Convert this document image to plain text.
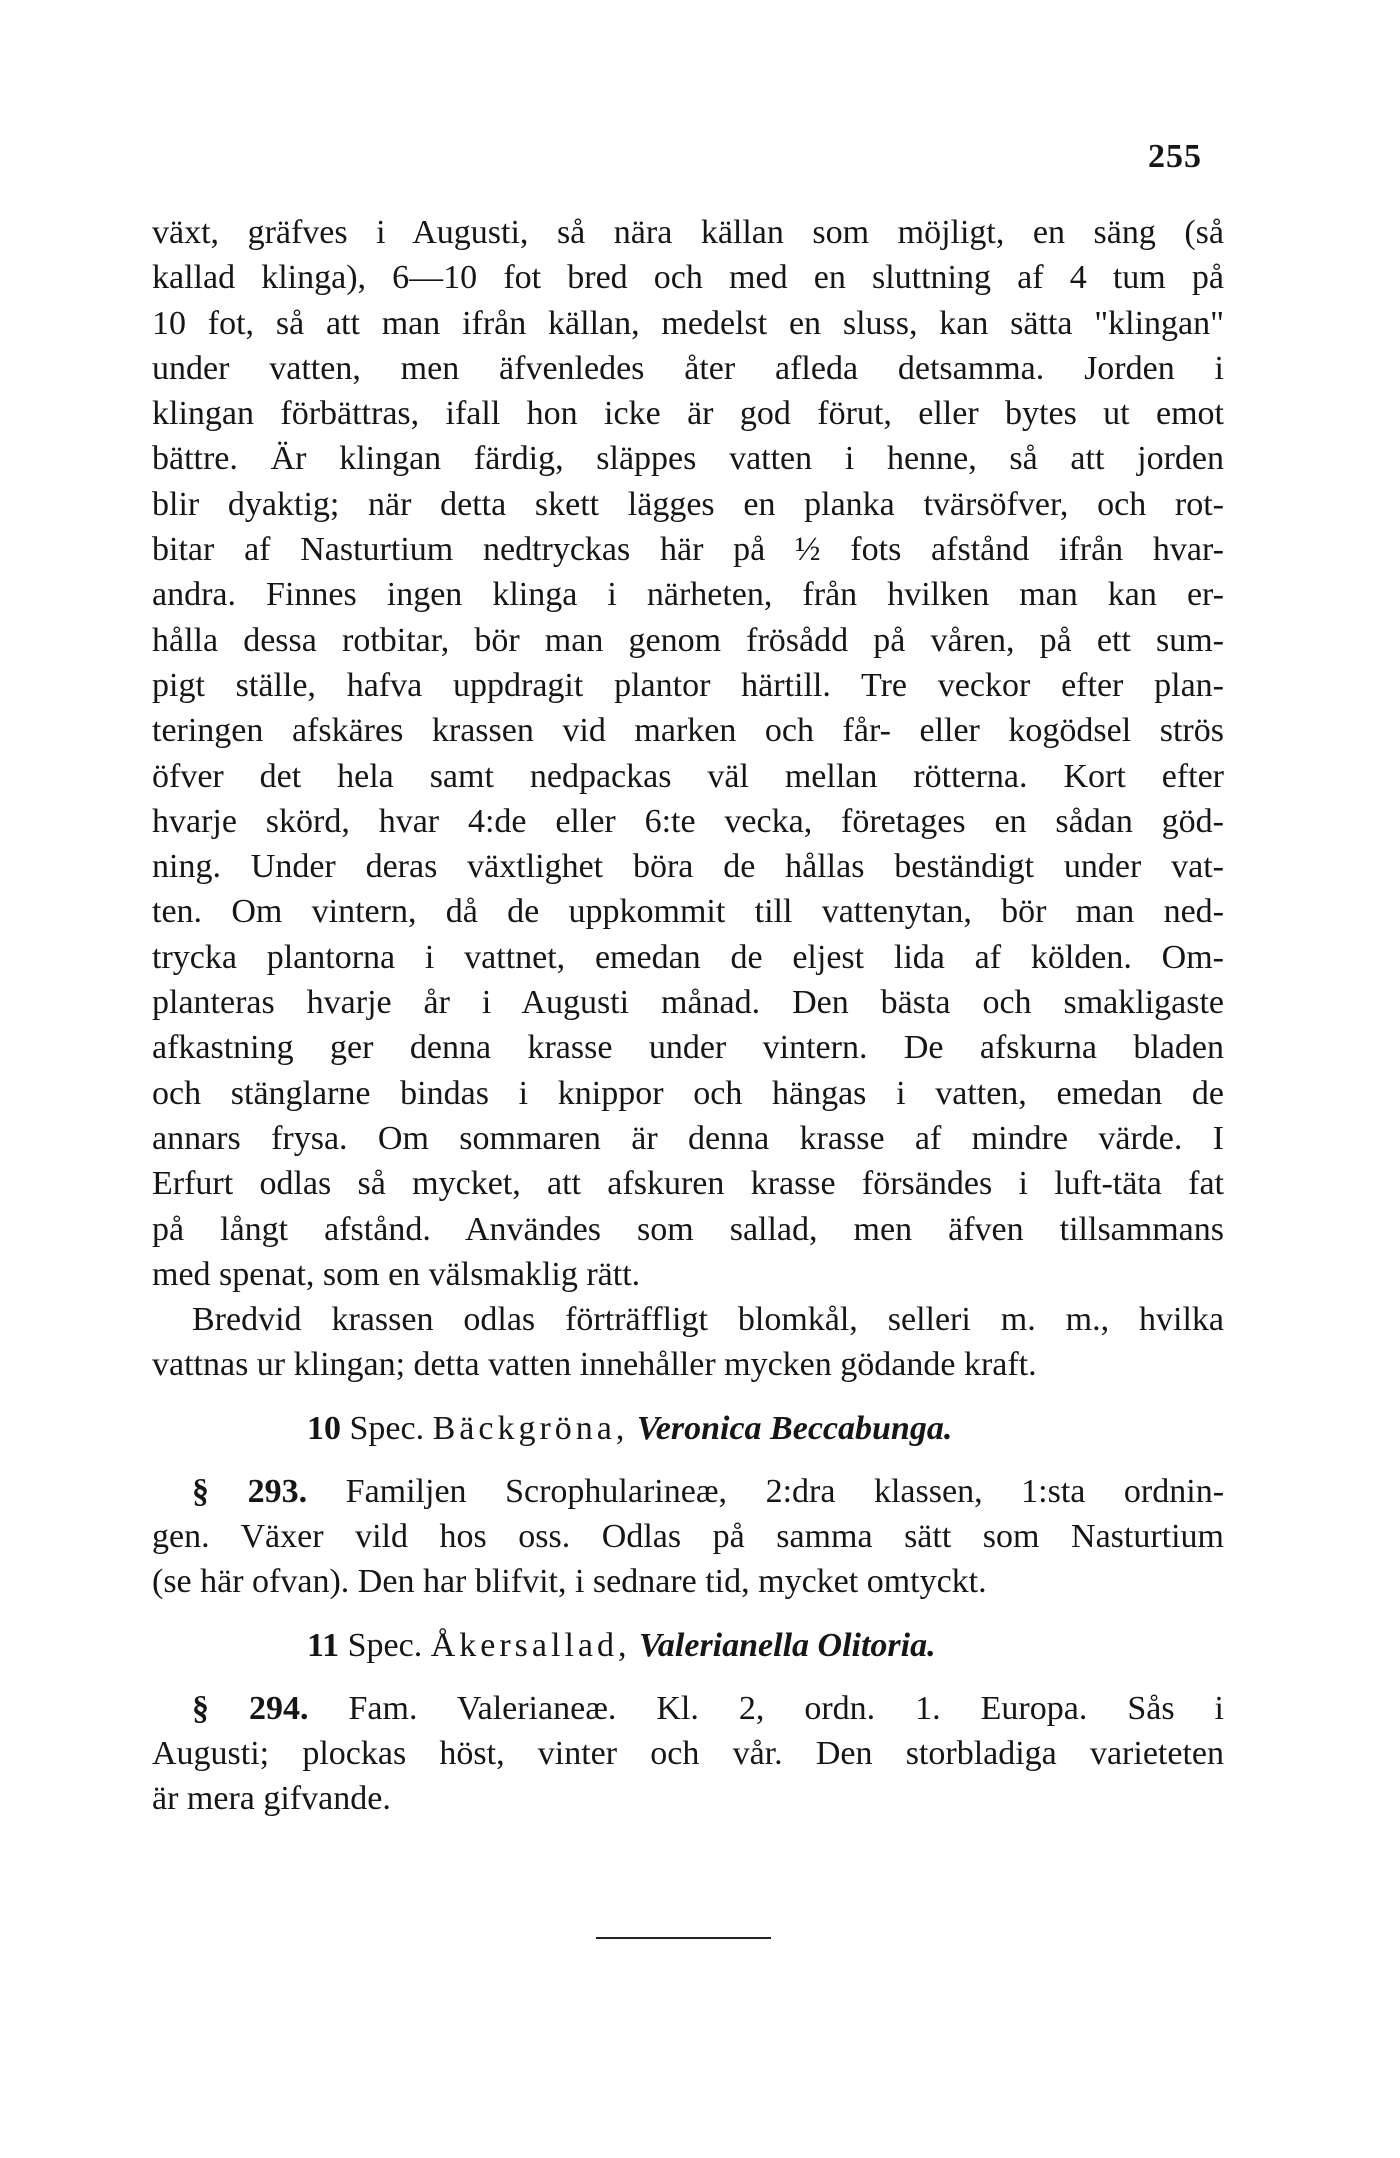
255
växt, gräfves i Augusti, så nära källan som möjligt, en säng (så
kallad klinga), 6—10 fot bred och med en sluttning af 4 tum på
10 fot, så att man ifrån källan, medelst en sluss, kan sätta "klingan"
under vatten, men äfvenledes åter afleda detsamma. Jorden i
klingan förbättras, ifall hon icke är god förut, eller bytes ut emot
bättre. Är klingan färdig, släppes vatten i henne, så att jorden
blir dyaktig; när detta skett lägges en planka tvärsöfver, och rot-
bitar af Nasturtium nedtryckas här på ½ fots afstånd ifrån hvar-
andra. Finnes ingen klinga i närheten, från hvilken man kan er-
hålla dessa rotbitar, bör man genom frösådd på våren, på ett sum-
pigt ställe, hafva uppdragit plantor härtill. Tre veckor efter plan-
teringen afskäres krassen vid marken och får- eller kogödsel strös
öfver det hela samt nedpackas väl mellan rötterna. Kort efter
hvarje skörd, hvar 4:de eller 6:te vecka, företages en sådan göd-
ning. Under deras växtlighet böra de hållas beständigt under vat-
ten. Om vintern, då de uppkommit till vattenytan, bör man ned-
trycka plantorna i vattnet, emedan de eljest lida af kölden. Om-
planteras hvarje år i Augusti månad. Den bästa och smakligaste
afkastning ger denna krasse under vintern. De afskurna bladen
och stänglarne bindas i knippor och hängas i vatten, emedan de
annars frysa. Om sommaren är denna krasse af mindre värde. I
Erfurt odlas så mycket, att afskuren krasse försändes i luft-täta fat
på långt afstånd. Användes som sallad, men äfven tillsammans
med spenat, som en välsmaklig rätt.
Bredvid krassen odlas förträffligt blomkål, selleri m. m., hvilka
vattnas ur klingan; detta vatten innehåller mycken gödande kraft.
10 Spec. Bäckgröna, Veronica Beccabunga.
§ 293. Familjen Scrophularineæ, 2:dra klassen, 1:sta ordnin-
gen. Växer vild hos oss. Odlas på samma sätt som Nasturtium
(se här ofvan). Den har blifvit, i sednare tid, mycket omtyckt.
11 Spec. Åkersallad, Valerianella Olitoria.
§ 294. Fam. Valerianeæ. Kl. 2, ordn. 1. Europa. Sås i
Augusti; plockas höst, vinter och vår. Den storbladiga varieteten
är mera gifvande.
